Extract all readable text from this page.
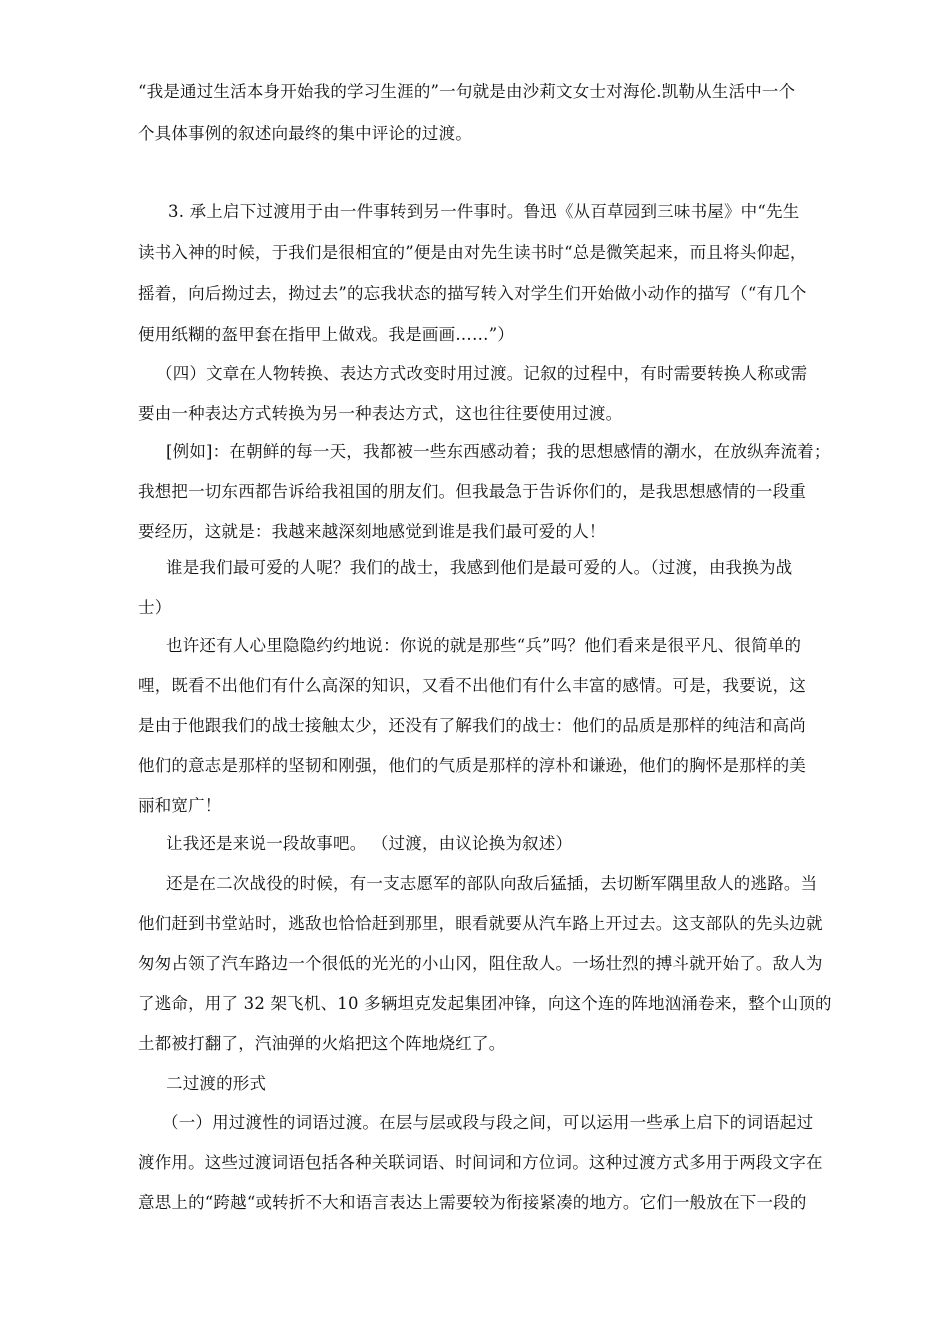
“我是通过生活本身开始我的学习生涯的”一句就是由沙莉文女士对海伦.凯勒从生活中一个
个具体事例的叙述向最终的集中评论的过渡。
3. 承上启下过渡用于由一件事转到另一件事时。鲁迅《从百草园到三味书屋》中“先生
读书入神的时候，于我们是很相宜的”便是由对先生读书时“总是微笑起来，而且将头仰起，
摇着，向后拗过去，拗过去”的忘我状态的描写转入对学生们开始做小动作的描写（“有几个
便用纸糊的盔甲套在指甲上做戏。我是画画……”）
（四）文章在人物转换、表达方式改变时用过渡。记叙的过程中，有时需要转换人称或需
要由一种表达方式转换为另一种表达方式，这也往往要使用过渡。
[例如]：在朝鲜的每一天，我都被一些东西感动着；我的思想感情的潮水，在放纵奔流着；
我想把一切东西都告诉给我祖国的朋友们。但我最急于告诉你们的，是我思想感情的一段重
要经历，这就是：我越来越深刻地感觉到谁是我们最可爱的人！
谁是我们最可爱的人呢？我们的战士，我感到他们是最可爱的人。（过渡，由我换为战
士）
也许还有人心里隐隐约约地说：你说的就是那些“兵”吗？他们看来是很平凡、很简单的
哩，既看不出他们有什么高深的知识，又看不出他们有什么丰富的感情。可是，我要说，这
是由于他跟我们的战士接触太少，还没有了解我们的战士：他们的品质是那样的纯洁和高尚
他们的意志是那样的坚韧和刚强，他们的气质是那样的淳朴和谦逊，他们的胸怀是那样的美
丽和宽广！
让我还是来说一段故事吧。 （过渡，由议论换为叙述）
还是在二次战役的时候，有一支志愿军的部队向敌后猛插，去切断军隅里敌人的逃路。当
他们赶到书堂站时，逃敌也恰恰赶到那里，眼看就要从汽车路上开过去。这支部队的先头边就
匆匆占领了汽车路边一个很低的光光的小山冈，阻住敌人。一场壮烈的搏斗就开始了。敌人为
了逃命，用了 32 架飞机、10 多辆坦克发起集团冲锋，向这个连的阵地汹涌卷来，整个山顶的
土都被打翻了，汽油弹的火焰把这个阵地烧红了。
二过渡的形式
（一）用过渡性的词语过渡。在层与层或段与段之间，可以运用一些承上启下的词语起过
渡作用。这些过渡词语包括各种关联词语、时间词和方位词。这种过渡方式多用于两段文字在
意思上的“跨越“或转折不大和语言表达上需要较为衔接紧凑的地方。它们一般放在下一段的
